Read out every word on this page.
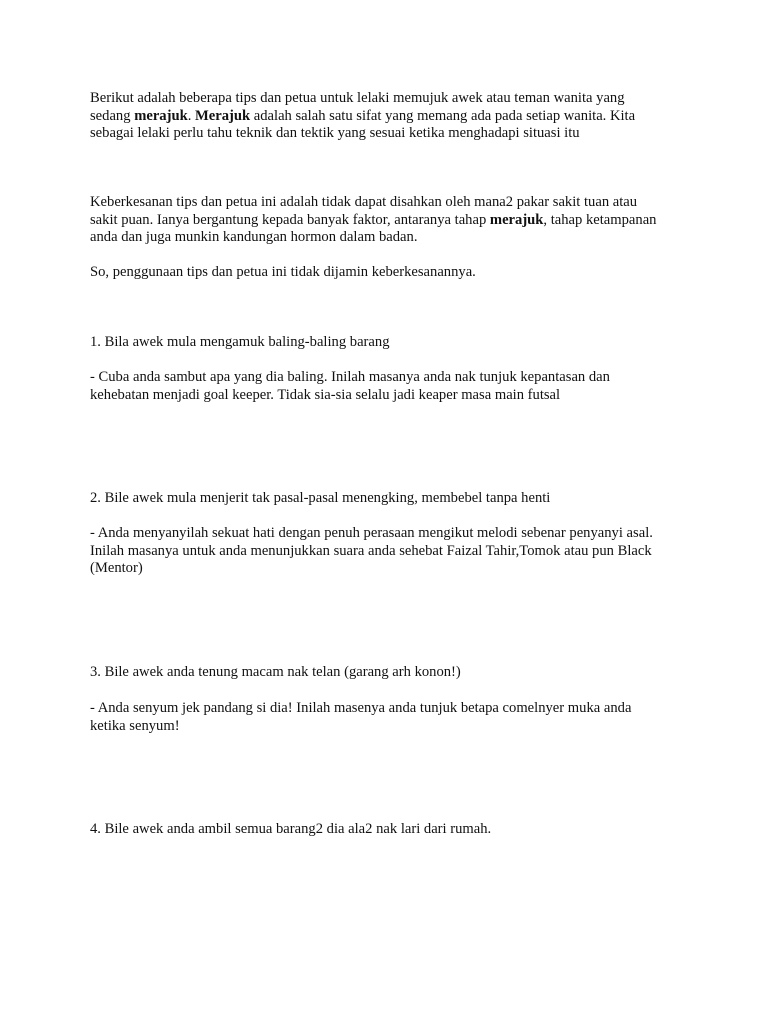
Berikut adalah beberapa tips dan petua untuk lelaki memujuk awek atau teman wanita yang
sedang merajuk. Merajuk adalah salah satu sifat yang memang ada pada setiap wanita. Kita
sebagai lelaki perlu tahu teknik dan tektik yang sesuai ketika menghadapi situasi itu

Keberkesanan tips dan petua ini adalah tidak dapat disahkan oleh mana2 pakar sakit tuan atau
sakit puan. Ianya bergantung kepada banyak faktor, antaranya tahap merajuk, tahap ketampanan
anda dan juga munkin kandungan hormon dalam badan.

So, penggunaan tips dan petua ini tidak dijamin keberkesanannya.

1. Bila awek mula mengamuk baling-baling barang

- Cuba anda sambut apa yang dia baling. Inilah masanya anda nak tunjuk kepantasan dan
kehebatan menjadi goal keeper. Tidak sia-sia selalu jadi keaper masa main futsal

2. Bile awek mula menjerit tak pasal-pasal menengking, membebel tanpa henti

- Anda menyanyilah sekuat hati dengan penuh perasaan mengikut melodi sebenar penyanyi asal.
Inilah masanya untuk anda menunjukkan suara anda sehebat Faizal Tahir,Tomok atau pun Black
(Mentor)

3. Bile awek anda tenung macam nak telan (garang arh konon!)

- Anda senyum jek pandang si dia! Inilah masenya anda tunjuk betapa comelnyer muka anda
ketika senyum!

4. Bile awek anda ambil semua barang2 dia ala2 nak lari dari rumah.
